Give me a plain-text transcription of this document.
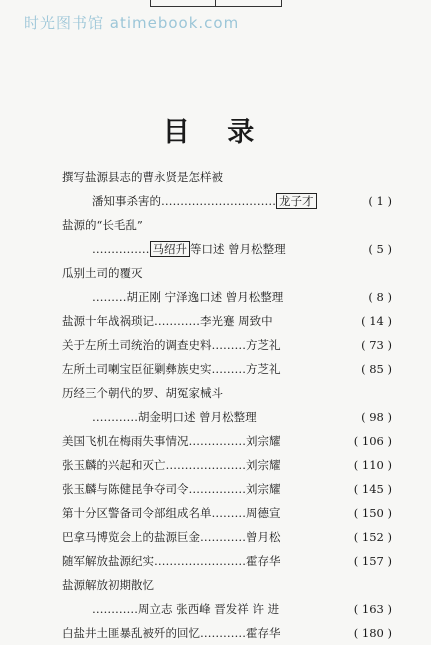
时光图书馆 atimebook.com
目 录
撰写盐源县志的曹永贤是怎样被
潘知事杀害的………………………… 龙子才	( 1 )
盐源的“长毛乱”
…………… 马绍升 等口述 曾月松整理	( 5 )
瓜别土司的覆灭
………胡正刚 宁泽逸口述 曾月松整理	( 8 )
盐源十年战祸琐记…………李光蹇 周致中	( 14 )
关于左所土司统治的调查史料………方芝礼	( 73 )
左所土司喇宝臣征剿彝族史实………方芝礼	( 85 )
历经三个朝代的罗、胡冤家械斗
…………胡金明口述 曾月松整理	( 98 )
美国飞机在梅雨失事情况……………刘宗耀	( 106 )
张玉麟的兴起和灭亡…………………刘宗耀	( 110 )
张玉麟与陈健昆争夺司令……………刘宗耀	( 145 )
第十分区警备司令部组成名单………周德宣	( 150 )
巴拿马博览会上的盐源巨金…………曾月松	( 152 )
随军解放盐源纪实……………………霍存华	( 157 )
盐源解放初期散忆
…………周立志 张西峰 晋发祥 许 进	( 163 )
白盐井土匪暴乱被歼的回忆…………霍存华	( 180 )
